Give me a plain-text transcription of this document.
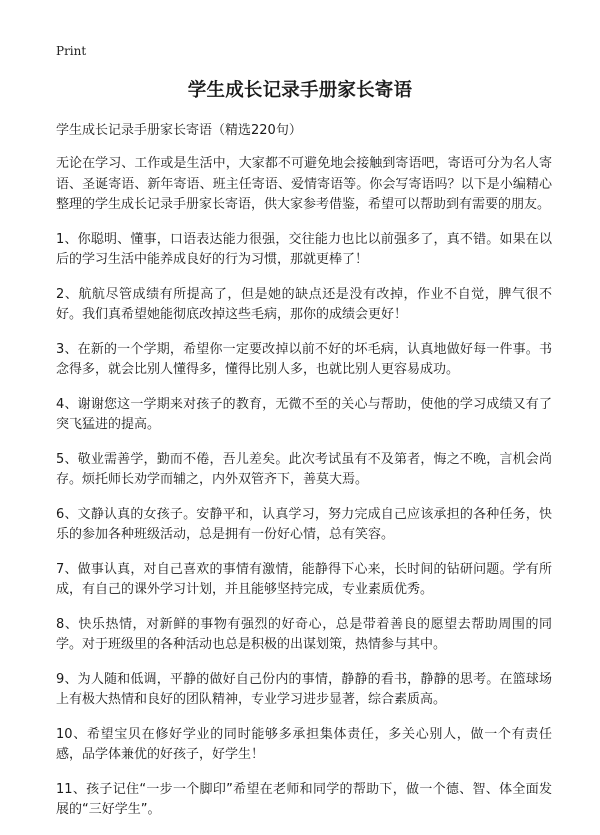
Print

学生成长记录手册家长寄语

学生成长记录手册家长寄语（精选220句）

无论在学习、工作或是生活中，大家都不可避免地会接触到寄语吧，寄语可分为名人寄语、圣诞寄语、新年寄语、班主任寄语、爱情寄语等。你会写寄语吗？以下是小编精心整理的学生成长记录手册家长寄语，供大家参考借鉴，希望可以帮助到有需要的朋友。

1、你聪明、懂事，口语表达能力很强，交往能力也比以前强多了，真不错。如果在以后的学习生活中能养成良好的行为习惯，那就更棒了！

2、航航尽管成绩有所提高了，但是她的缺点还是没有改掉，作业不自觉，脾气很不好。我们真希望她能彻底改掉这些毛病，那你的成绩会更好！

3、在新的一个学期，希望你一定要改掉以前不好的坏毛病，认真地做好每一件事。书念得多，就会比别人懂得多，懂得比别人多，也就比别人更容易成功。

4、谢谢您这一学期来对孩子的教育，无微不至的关心与帮助，使他的学习成绩又有了突飞猛进的提高。

5、敬业需善学，勤而不倦，吾儿差矣。此次考试虽有不及第者，悔之不晚，言机会尚存。烦托师长劝学而辅之，内外双管齐下，善莫大焉。

6、文静认真的女孩子。安静平和，认真学习，努力完成自己应该承担的各种任务，快乐的参加各种班级活动，总是拥有一份好心情，总有笑容。

7、做事认真，对自己喜欢的事情有激情，能静得下心来，长时间的钻研问题。学有所成，有自己的课外学习计划，并且能够坚持完成，专业素质优秀。

8、快乐热情，对新鲜的事物有强烈的好奇心，总是带着善良的愿望去帮助周围的同学。对于班级里的各种活动也总是积极的出谋划策，热情参与其中。

9、为人随和低调，平静的做好自己份内的事情，静静的看书，静静的思考。在篮球场上有极大热情和良好的团队精神，专业学习进步显著，综合素质高。

10、希望宝贝在修好学业的同时能够多承担集体责任，多关心别人，做一个有责任感，品学体兼优的好孩子，好学生！

11、孩子记住“一步一个脚印”希望在老师和同学的帮助下，做一个德、智、体全面发展的“三好学生”。
